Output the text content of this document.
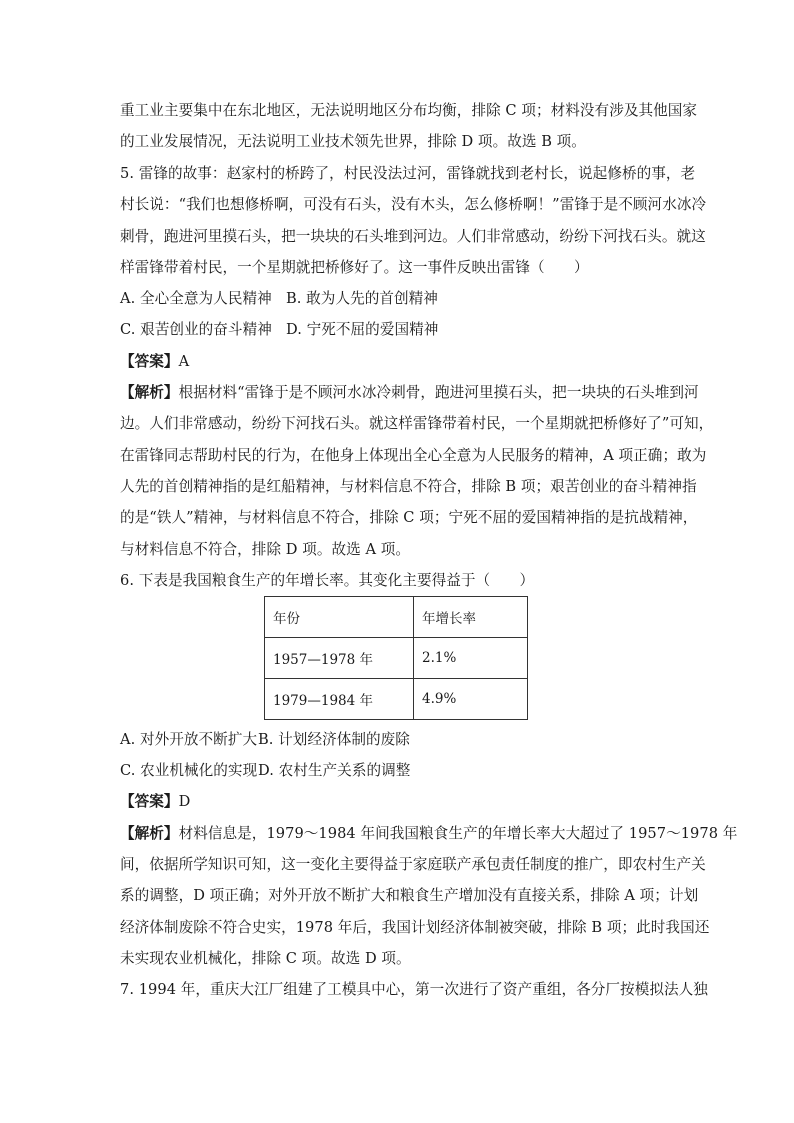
重工业主要集中在东北地区，无法说明地区分布均衡，排除 C 项；材料没有涉及其他国家
的工业发展情况，无法说明工业技术领先世界，排除 D 项。故选 B 项。
5. 雷锋的故事：赵家村的桥跨了，村民没法过河，雷锋就找到老村长，说起修桥的事，老
村长说：“我们也想修桥啊，可没有石头，没有木头，怎么修桥啊！”雷锋于是不顾河水冰冷
刺骨，跑进河里摸石头，把一块块的石头堆到河边。人们非常感动，纷纷下河找石头。就这
样雷锋带着村民，一个星期就把桥修好了。这一事件反映出雷锋（　　）
A. 全心全意为人民精神 B. 敢为人先的首创精神
C. 艰苦创业的奋斗精神 D. 宁死不屈的爱国精神
【答案】A
【解析】根据材料“雷锋于是不顾河水冰冷刺骨，跑进河里摸石头，把一块块的石头堆到河
边。人们非常感动，纷纷下河找石头。就这样雷锋带着村民，一个星期就把桥修好了”可知，
在雷锋同志帮助村民的行为，在他身上体现出全心全意为人民服务的精神，A 项正确；敢为
人先的首创精神指的是红船精神，与材料信息不符合，排除 B 项；艰苦创业的奋斗精神指
的是“铁人”精神，与材料信息不符合，排除 C 项；宁死不屈的爱国精神指的是抗战精神，
与材料信息不符合，排除 D 项。故选 A 项。
6. 下表是我国粮食生产的年增长率。其变化主要得益于（　　）
年份	年增长率
1957—1978 年	2.1%
1979—1984 年	4.9%
A. 对外开放不断扩大 B. 计划经济体制的废除
C. 农业机械化的实现 D. 农村生产关系的调整
【答案】D
【解析】材料信息是，1979～1984 年间我国粮食生产的年增长率大大超过了 1957～1978 年
间，依据所学知识可知，这一变化主要得益于家庭联产承包责任制度的推广，即农村生产关
系的调整，D 项正确；对外开放不断扩大和粮食生产增加没有直接关系，排除 A 项；计划
经济体制废除不符合史实，1978 年后，我国计划经济体制被突破，排除 B 项；此时我国还
未实现农业机械化，排除 C 项。故选 D 项。
7. 1994 年，重庆大江厂组建了工模具中心，第一次进行了资产重组，各分厂按模拟法人独
